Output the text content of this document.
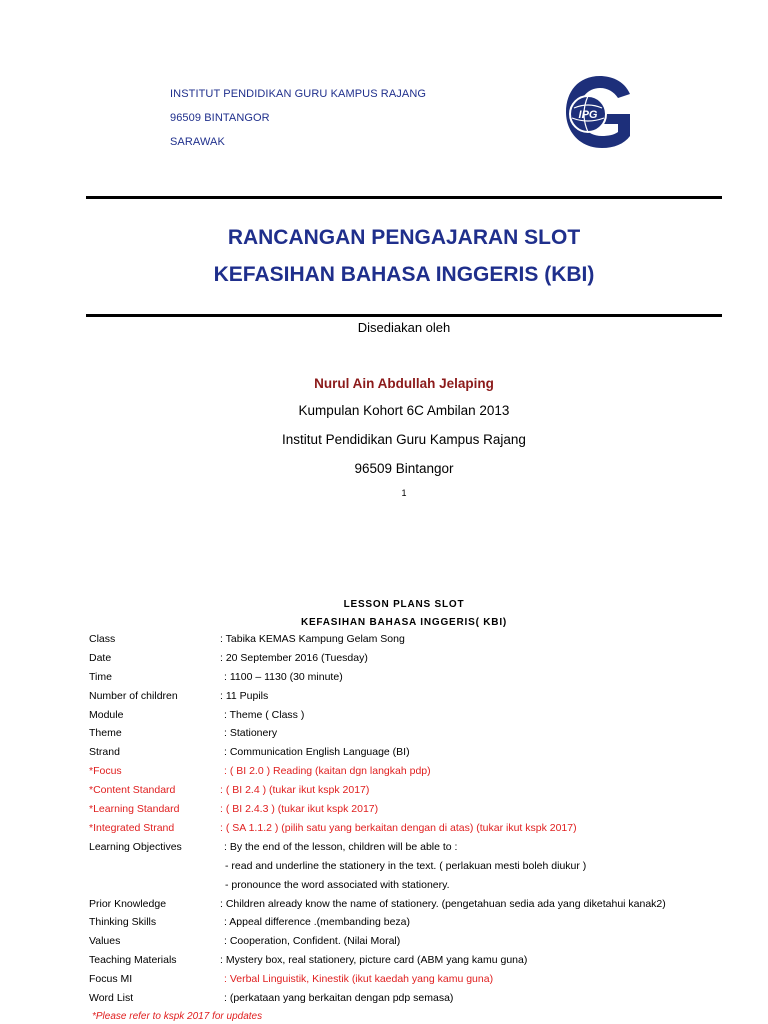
INSTITUT PENDIDIKAN GURU KAMPUS RAJANG
96509 BINTANGOR
SARAWAK
IPG
RANCANGAN PENGAJARAN SLOT
KEFASIHAN BAHASA INGGERIS (KBI)
Disediakan oleh
Nurul Ain Abdullah Jelaping
Kumpulan Kohort 6C Ambilan 2013
Institut Pendidikan Guru Kampus Rajang
96509 Bintangor
1
LESSON PLANS SLOT
KEFASIHAN BAHASA INGGERIS( KBI)
Class	: Tabika KEMAS Kampung Gelam Song
Date	: 20 September 2016 (Tuesday)
Time	: 1100 – 1130 (30 minute)
Number of children	: 11 Pupils
Module	: Theme ( Class )
Theme	: Stationery
Strand	: Communication English Language (BI)
*Focus	: ( BI 2.0 ) Reading (kaitan dgn langkah pdp)
*Content Standard	: ( BI 2.4 ) (tukar ikut kspk 2017)
*Learning Standard	: ( BI 2.4.3 ) (tukar ikut kspk 2017)
*Integrated Strand	: ( SA 1.1.2 ) (pilih satu yang berkaitan dengan di atas) (tukar ikut kspk 2017)
Learning Objectives	: By the end of the lesson, children will be able to :
- read and underline the stationery in the text. ( perlakuan mesti boleh diukur )
- pronounce the word associated with stationery.
Prior Knowledge	: Children already know the name of stationery. (pengetahuan sedia ada yang diketahui kanak2)
Thinking Skills	: Appeal difference .(membanding beza)
Values	: Cooperation, Confident. (Nilai Moral)
Teaching Materials	: Mystery box, real stationery, picture card (ABM yang kamu guna)
Focus MI	: Verbal Linguistik, Kinestik (ikut kaedah yang kamu guna)
Word List	: (perkataan yang berkaitan dengan pdp semasa)
*Please refer to kspk 2017 for updates
